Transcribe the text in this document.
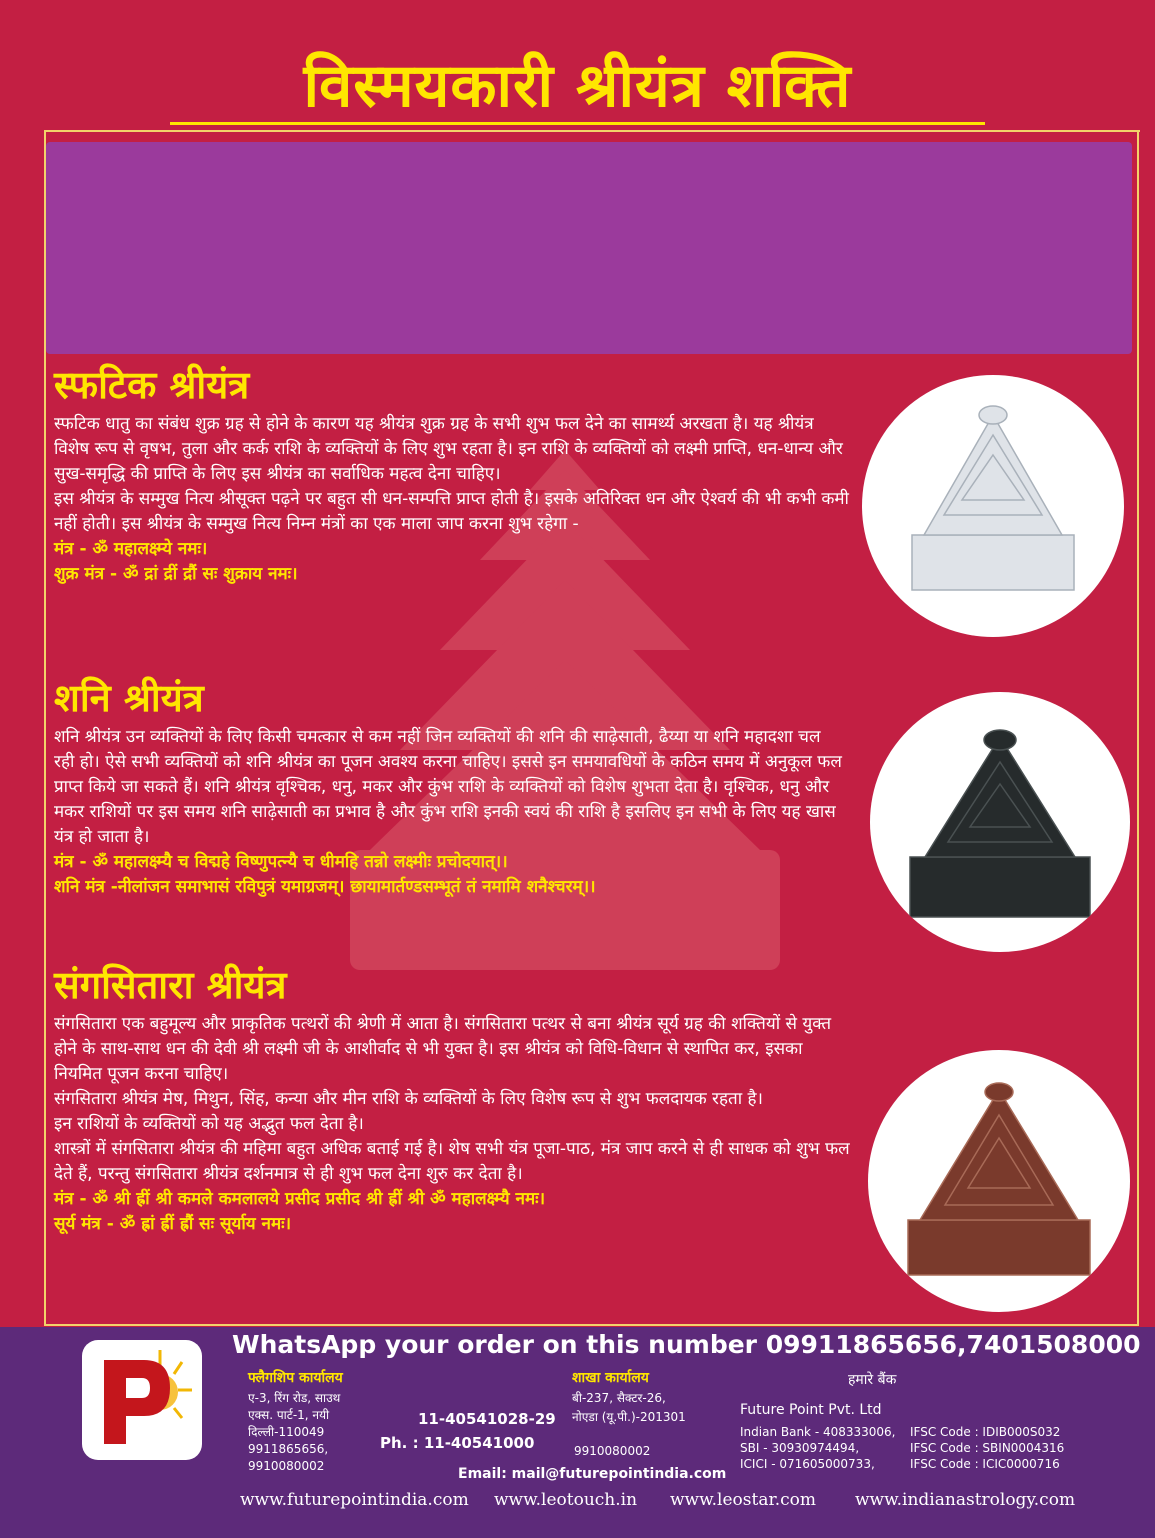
विस्मयकारी श्रीयंत्र शक्ति
स्फटिक श्रीयंत्र

स्फटिक धातु का संबंध शुक्र ग्रह से होने के कारण यह श्रीयंत्र शुक्र ग्रह के सभी शुभ फल देने का सामर्थ्य अरखता है। यह श्रीयंत्र विशेष रूप से वृषभ, तुला और कर्क राशि के व्यक्तियों के लिए शुभ रहता है। इन राशि के व्यक्तियों को लक्ष्मी प्राप्ति, धन-धान्य और सुख-समृद्धि की प्राप्ति के लिए इस श्रीयंत्र का सर्वाधिक महत्व देना चाहिए।

इस श्रीयंत्र के सम्मुख नित्य श्रीसूक्त पढ़ने पर बहुत सी धन-सम्पत्ति प्राप्त होती है। इसके अतिरिक्त धन और ऐश्वर्य की भी कभी कमी नहीं होती। इस श्रीयंत्र के सम्मुख नित्य निम्न मंत्रों का एक माला जाप करना शुभ रहेगा -

मंत्र - ॐ महालक्ष्म्ये नमः।

शुक्र मंत्र - ॐ द्रां द्रीं द्रौं सः शुक्राय नमः।

शनि श्रीयंत्र

शनि श्रीयंत्र उन व्यक्तियों के लिए किसी चमत्कार से कम नहीं जिन व्यक्तियों की शनि की साढ़ेसाती, ढैय्या या शनि महादशा चल रही हो। ऐसे सभी व्यक्तियों को शनि श्रीयंत्र का पूजन अवश्य करना चाहिए। इससे इन समयावधियों के कठिन समय में अनुकूल फल प्राप्त किये जा सकते हैं। शनि श्रीयंत्र वृश्चिक, धनु, मकर और कुंभ राशि के व्यक्तियों को विशेष शुभता देता है। वृश्चिक, धनु और मकर राशियों पर इस समय शनि साढ़ेसाती का प्रभाव है और कुंभ राशि इनकी स्वयं की राशि है इसलिए इन सभी के लिए यह खास यंत्र हो जाता है।

मंत्र - ॐ महालक्ष्म्यै च विद्महे विष्णुपत्न्यै च धीमहि तन्नो लक्ष्मीः प्रचोदयात्।।

शनि मंत्र -नीलांजन समाभासं रविपुत्रं यमाग्रजम्। छायामार्तण्डसम्भूतं तं नमामि शनैश्चरम्।।

संगसितारा श्रीयंत्र

संगसितारा एक बहुमूल्य और प्राकृतिक पत्थरों की श्रेणी में आता है। संगसितारा पत्थर से बना श्रीयंत्र सूर्य ग्रह की शक्तियों से युक्त होने के साथ-साथ धन की देवी श्री लक्ष्मी जी के आशीर्वाद से भी युक्त है। इस श्रीयंत्र को विधि-विधान से स्थापित कर, इसका नियमित पूजन करना चाहिए।

संगसितारा श्रीयंत्र मेष, मिथुन, सिंह, कन्या और मीन राशि के व्यक्तियों के लिए विशेष रूप से शुभ फलदायक रहता है।

इन राशियों के व्यक्तियों को यह अद्भुत फल देता है।

शास्त्रों में संगसितारा श्रीयंत्र की महिमा बहुत अधिक बताई गई है। शेष सभी यंत्र पूजा-पाठ, मंत्र जाप करने से ही साधक को शुभ फल देते हैं, परन्तु संगसितारा श्रीयंत्र दर्शनमात्र से ही शुभ फल देना शुरु कर देता है।

मंत्र - ॐ श्री ह्रीं श्री कमले कमलालये प्रसीद प्रसीद श्री ह्रीं श्री ॐ महालक्ष्म्यै नमः।

सूर्य मंत्र - ॐ ह्रां ह्रीं ह्रौं सः सूर्याय नमः।

WhatsApp your order on this number 09911865656,7401508000
फ्लैगशिप कार्यालय
ए-3, रिंग रोड, साउथ
एक्स. पार्ट-1, नयी
दिल्ली-110049
9911865656,
9910080002
11-40541028-29
Ph. : 11-40541000
शाखा कार्यालय
बी-237, सैक्टर-26,
नोएडा (यू.पी.)-201301
9910080002
हमारे बैंक
Future Point Pvt. Ltd
Indian Bank - 408333006, IFSC Code : IDIB000S032
SBI - 30930974494,	IFSC Code : SBIN0004316
ICICI - 071605000733,	IFSC Code : ICIC0000716
Email: mail@futurepointindia.com
www.futurepointindia.com www.leotouch.in www.leostar.com www.indianastrology.com
